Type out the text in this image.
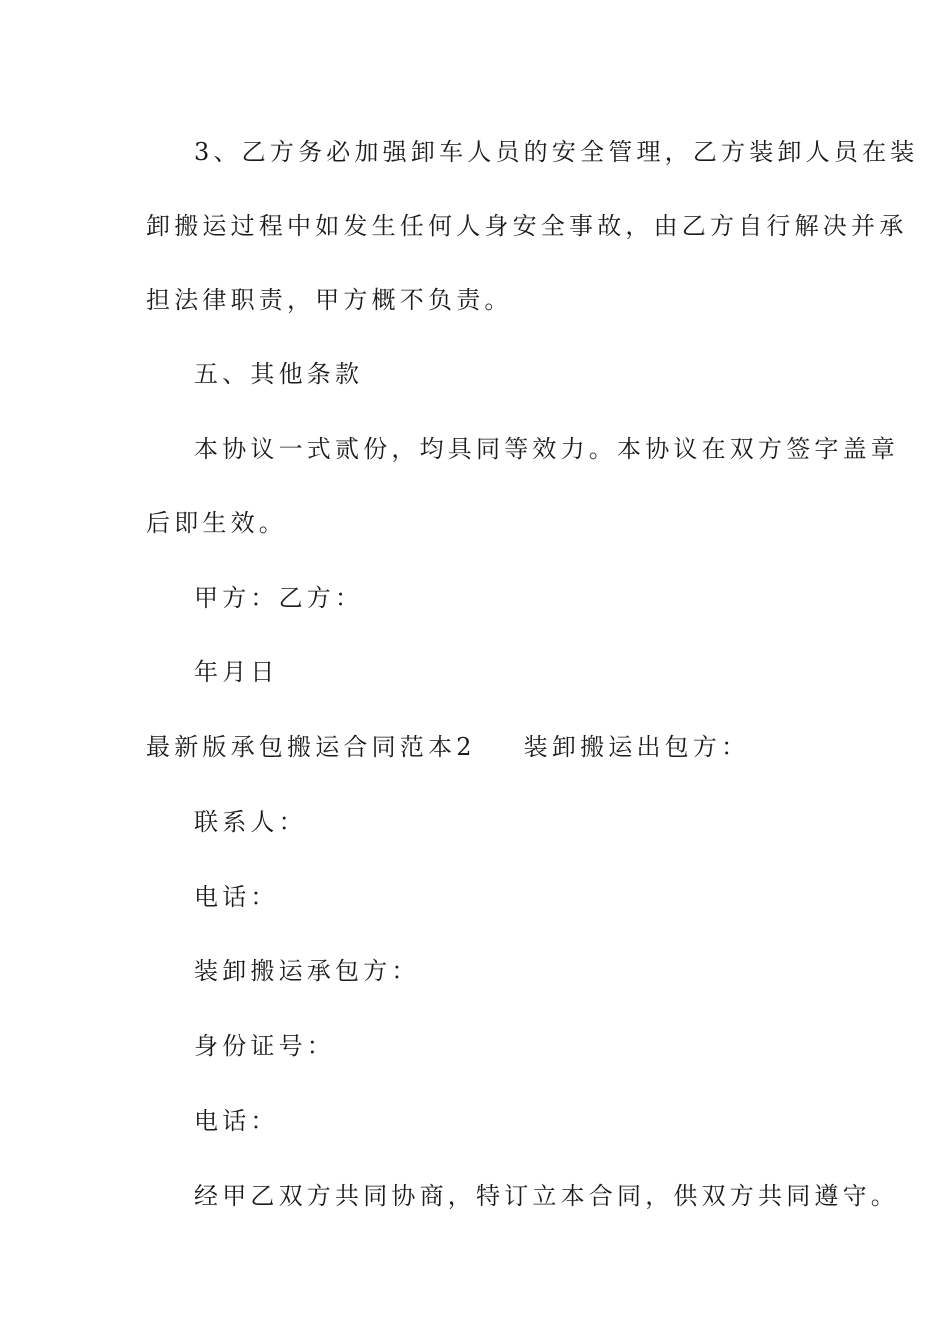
3、乙方务必加强卸车人员的安全管理，乙方装卸人员在装
卸搬运过程中如发生任何人身安全事故，由乙方自行解决并承
担法律职责，甲方概不负责。
五、其他条款
本协议一式贰份，均具同等效力。本协议在双方签字盖章
后即生效。
甲方：乙方：
年月日
最新版承包搬运合同范本2 装卸搬运出包方：
联系人：
电话：
装卸搬运承包方：
身份证号：
电话：
经甲乙双方共同协商，特订立本合同，供双方共同遵守。
